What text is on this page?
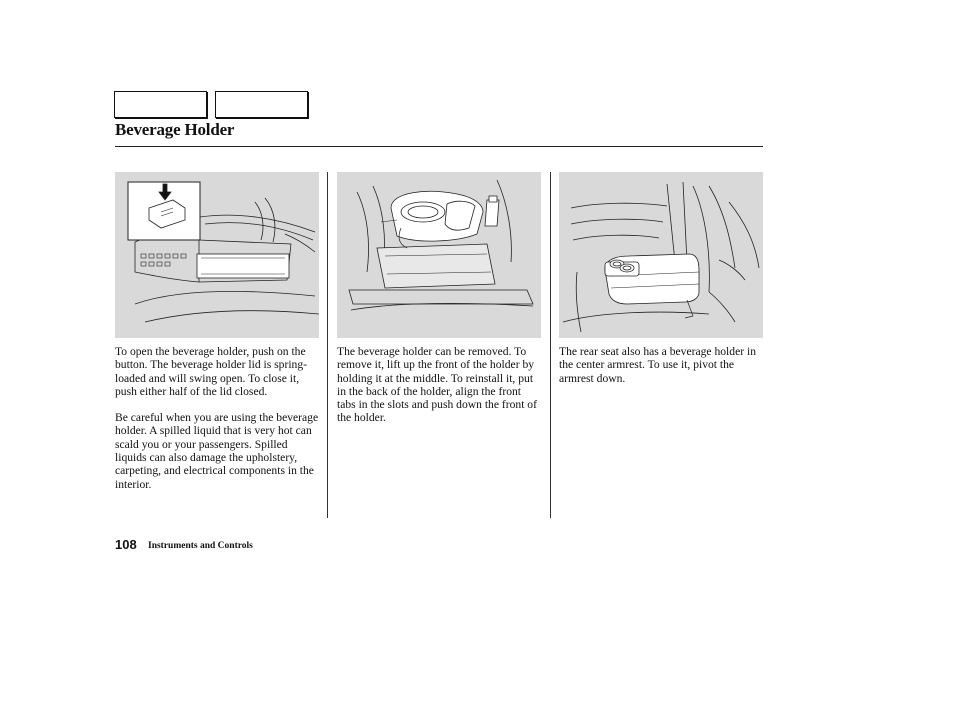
Beverage Holder

To open the beverage holder, push on the button. The beverage holder lid is spring-loaded and will swing open. To close it, push either half of the lid closed.

Be careful when you are using the beverage holder. A spilled liquid that is very hot can scald you or your passengers. Spilled liquids can also damage the upholstery, carpeting, and electrical components in the interior.

The beverage holder can be removed. To remove it, lift up the front of the holder by holding it at the middle. To reinstall it, put in the back of the holder, align the front tabs in the slots and push down the front of the holder.

The rear seat also has a beverage holder in the center armrest. To use it, pivot the armrest down.

108 Instruments and Controls
